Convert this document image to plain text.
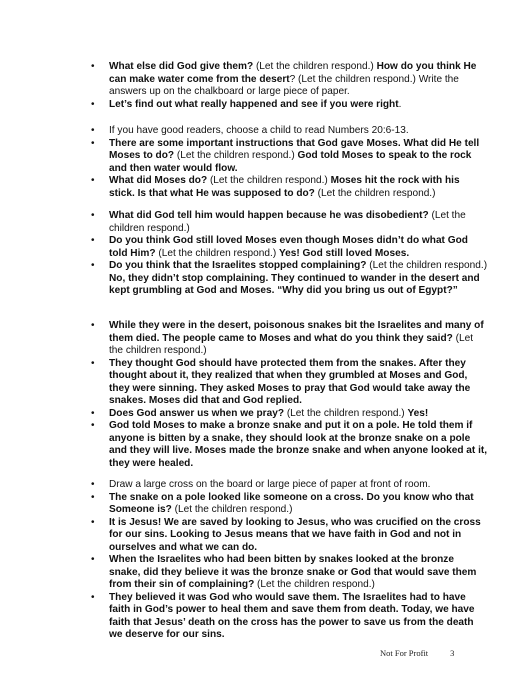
• What else did God give them? (Let the children respond.) How do you think He can make water come from the desert? (Let the children respond.) Write the answers up on the chalkboard or large piece of paper.
• Let’s find out what really happened and see if you were right.
• If you have good readers, choose a child to read Numbers 20:6-13.
• There are some important instructions that God gave Moses. What did He tell Moses to do? (Let the children respond.) God told Moses to speak to the rock and then water would flow.
• What did Moses do? (Let the children respond.) Moses hit the rock with his stick. Is that what He was supposed to do? (Let the children respond.)
• What did God tell him would happen because he was disobedient? (Let the children respond.)
• Do you think God still loved Moses even though Moses didn’t do what God told Him? (Let the children respond.) Yes! God still loved Moses.
• Do you think that the Israelites stopped complaining? (Let the children respond.) No, they didn’t stop complaining. They continued to wander in the desert and kept grumbling at God and Moses. “Why did you bring us out of Egypt?”
• While they were in the desert, poisonous snakes bit the Israelites and many of them died. The people came to Moses and what do you think they said? (Let the children respond.)
• They thought God should have protected them from the snakes. After they thought about it, they realized that when they grumbled at Moses and God, they were sinning. They asked Moses to pray that God would take away the snakes. Moses did that and God replied.
• Does God answer us when we pray? (Let the children respond.) Yes!
• God told Moses to make a bronze snake and put it on a pole. He told them if anyone is bitten by a snake, they should look at the bronze snake on a pole and they will live. Moses made the bronze snake and when anyone looked at it, they were healed.
• Draw a large cross on the board or large piece of paper at front of room.
• The snake on a pole looked like someone on a cross. Do you know who that Someone is? (Let the children respond.)
• It is Jesus! We are saved by looking to Jesus, who was crucified on the cross for our sins. Looking to Jesus means that we have faith in God and not in ourselves and what we can do.
• When the Israelites who had been bitten by snakes looked at the bronze snake, did they believe it was the bronze snake or God that would save them from their sin of complaining? (Let the children respond.)
• They believed it was God who would save them. The Israelites had to have faith in God’s power to heal them and save them from death. Today, we have faith that Jesus’ death on the cross has the power to save us from the death we deserve for our sins.
Not For Profit	3
